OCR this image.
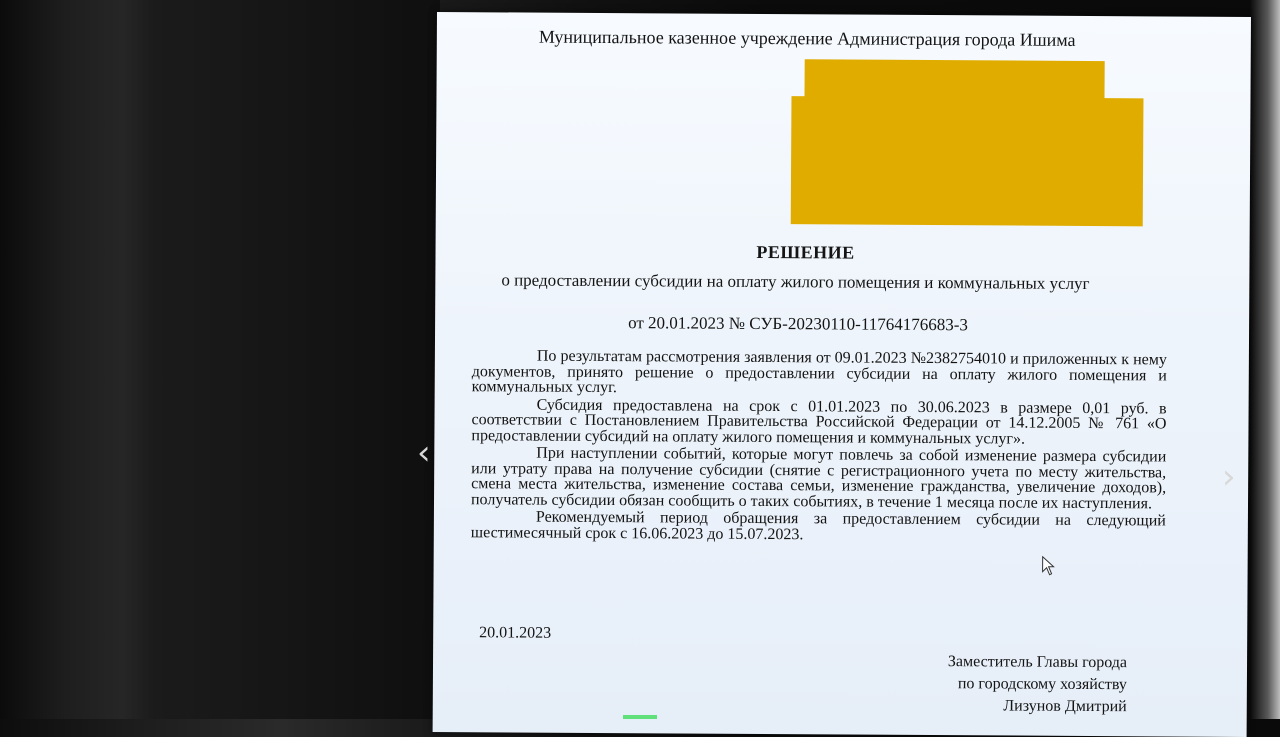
Муниципальное казенное учреждение Администрация города Ишима
РЕШЕНИЕ
о предоставлении субсидии на оплату жилого помещения и коммунальных услуг
от 20.01.2023 № СУБ-20230110-11764176683-3

По результатам рассмотрения заявления от 09.01.2023 №2382754010 и приложенных к нему документов, принято решение о предоставлении субсидии на оплату жилого помещения и коммунальных услуг.

Субсидия предоставлена на срок с 01.01.2023 по 30.06.2023 в размере 0,01 руб. в соответствии с Постановлением Правительства Российской Федерации от 14.12.2005 № 761 «О предоставлении субсидий на оплату жилого помещения и коммунальных услуг».

При наступлении событий, которые могут повлечь за собой изменение размера субсидии или утрату права на получение субсидии (снятие с регистрационного учета по месту жительства, смена места жительства, изменение состава семьи, изменение гражданства, увеличение доходов), получатель субсидии обязан сообщить о таких событиях, в течение 1 месяца после их наступления.

Рекомендуемый период обращения за предоставлением субсидии на следующий шестимесячный срок с 16.06.2023 до 15.07.2023.

20.01.2023
Заместитель Главы города
по городскому хозяйству
Лизунов Дмитрий
‹
›
